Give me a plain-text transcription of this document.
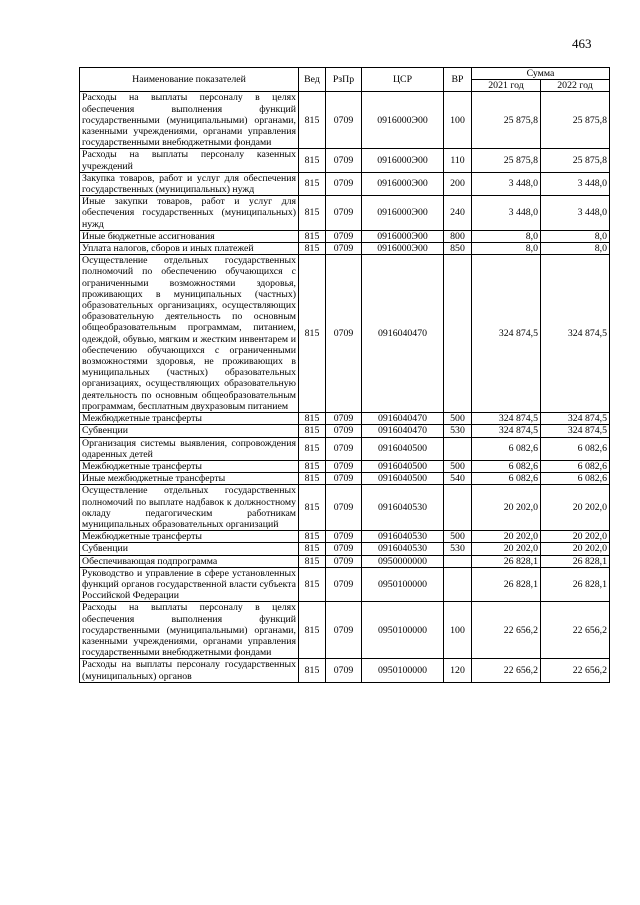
463
Наименование показателей	Вед	РзПр	ЦСР	ВР	Сумма	
					2021 год	2022 год
Расходы на выплаты персоналу в целях обеспечения выполнения функций государственными (муниципальными) органами, казенными учреждениями, органами управления государственными внебюджетными фондами	815	0709	0916000Э00	100	25 875,8	25 875,8
Расходы на выплаты персоналу казенных учреждений	815	0709	0916000Э00	110	25 875,8	25 875,8
Закупка товаров, работ и услуг для обеспечения государственных (муниципальных) нужд	815	0709	0916000Э00	200	3 448,0	3 448,0
Иные закупки товаров, работ и услуг для обеспечения государственных (муниципальных) нужд	815	0709	0916000Э00	240	3 448,0	3 448,0
Иные бюджетные ассигнования	815	0709	0916000Э00	800	8,0	8,0
Уплата налогов, сборов и иных платежей	815	0709	0916000Э00	850	8,0	8,0
Осуществление отдельных государственных полномочий по обеспечению обучающихся с ограниченными возможностями здоровья, проживающих в муниципальных (частных) образовательных организациях, осуществляющих образовательную деятельность по основным общеобразовательным программам, питанием, одеждой, обувью, мягким и жестким инвентарем и обеспечению обучающихся с ограниченными возможностями здоровья, не проживающих в муниципальных (частных) образовательных организациях, осуществляющих образовательную деятельность по основным общеобразовательным программам, бесплатным двухразовым питанием	815	0709	0916040470		324 874,5	324 874,5
Межбюджетные трансферты	815	0709	0916040470	500	324 874,5	324 874,5
Субвенции	815	0709	0916040470	530	324 874,5	324 874,5
Организация системы выявления, сопровождения одаренных детей	815	0709	0916040500		6 082,6	6 082,6
Межбюджетные трансферты	815	0709	0916040500	500	6 082,6	6 082,6
Иные межбюджетные трансферты	815	0709	0916040500	540	6 082,6	6 082,6
Осуществление отдельных государственных полномочий по выплате надбавок к должностному окладу педагогическим работникам муниципальных образовательных организаций	815	0709	0916040530		20 202,0	20 202,0
Межбюджетные трансферты	815	0709	0916040530	500	20 202,0	20 202,0
Субвенции	815	0709	0916040530	530	20 202,0	20 202,0
Обеспечивающая подпрограмма	815	0709	0950000000		26 828,1	26 828,1
Руководство и управление в сфере установленных функций органов государственной власти субъекта Российской Федерации	815	0709	0950100000		26 828,1	26 828,1
Расходы на выплаты персоналу в целях обеспечения выполнения функций государственными (муниципальными) органами, казенными учреждениями, органами управления государственными внебюджетными фондами	815	0709	0950100000	100	22 656,2	22 656,2
Расходы на выплаты персоналу государственных (муниципальных) органов	815	0709	0950100000	120	22 656,2	22 656,2
